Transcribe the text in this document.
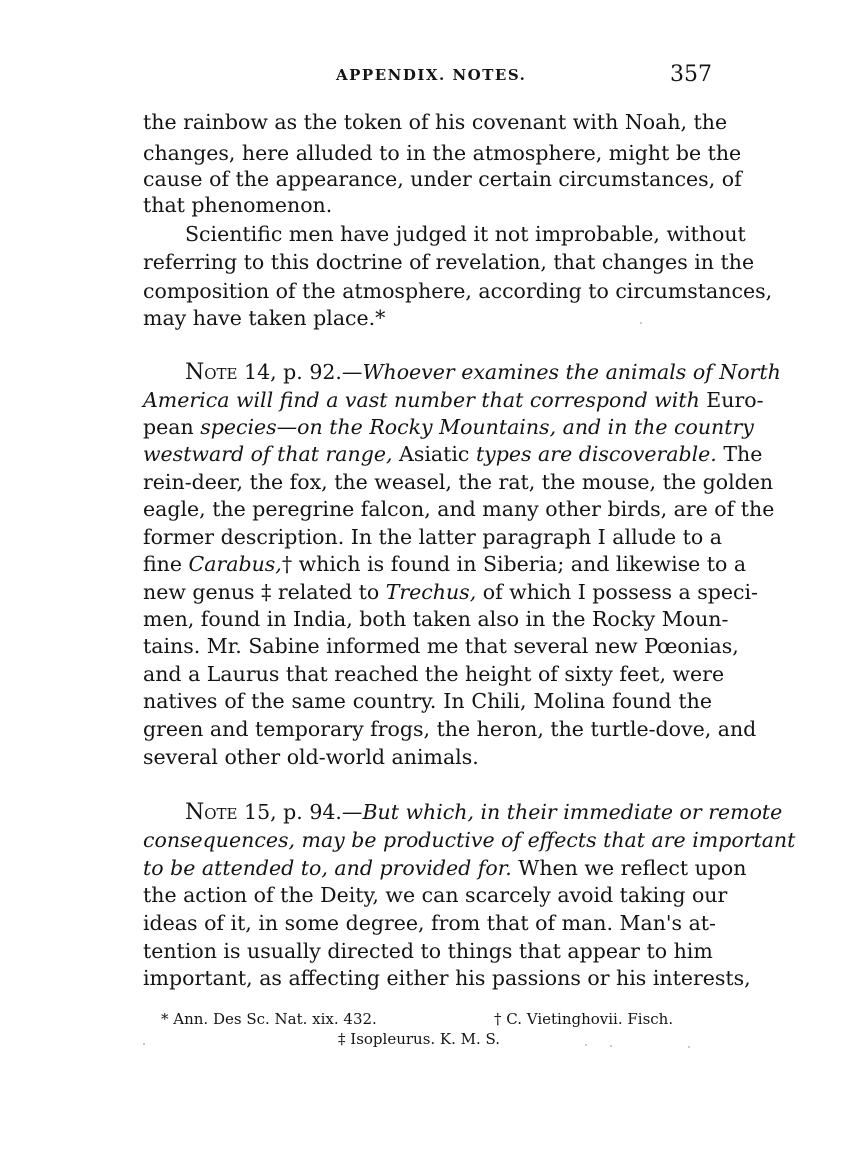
APPENDIX. NOTES.	357
the rainbow as the token of his covenant with Noah, the
changes, here alluded to in the atmosphere, might be the
cause of the appearance, under certain circumstances, of
that phenomenon.
Scientific men have judged it not improbable, without
referring to this doctrine of revelation, that changes in the
composition of the atmosphere, according to circumstances,
may have taken place.*
Note 14, p. 92.—Whoever examines the animals of North
America will find a vast number that correspond with Euro-
pean species—on the Rocky Mountains, and in the country
westward of that range, Asiatic types are discoverable. The
rein-deer, the fox, the weasel, the rat, the mouse, the golden
eagle, the peregrine falcon, and many other birds, are of the
former description. In the latter paragraph I allude to a
fine Carabus,† which is found in Siberia; and likewise to a
new genus ‡ related to Trechus, of which I possess a speci-
men, found in India, both taken also in the Rocky Moun-
tains. Mr. Sabine informed me that several new Pœonias,
and a Laurus that reached the height of sixty feet, were
natives of the same country. In Chili, Molina found the
green and temporary frogs, the heron, the turtle-dove, and
several other old-world animals.
Note 15, p. 94.—But which, in their immediate or remote
consequences, may be productive of effects that are important
to be attended to, and provided for. When we reflect upon
the action of the Deity, we can scarcely avoid taking our
ideas of it, in some degree, from that of man. Man's at-
tention is usually directed to things that appear to him
important, as affecting either his passions or his interests,
* Ann. Des Sc. Nat. xix. 432.	† C. Vietinghovii. Fisch.
‡ Isopleurus. K. M. S.
